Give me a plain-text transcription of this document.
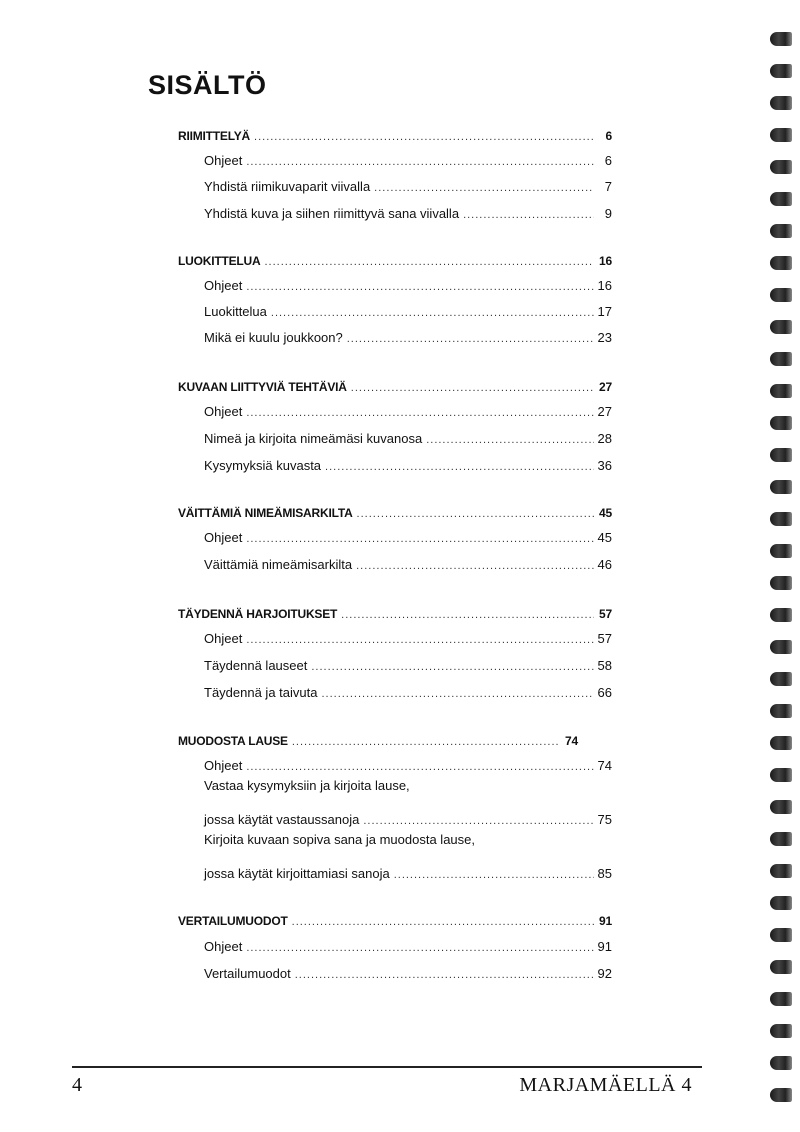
SISÄLTÖ
RIIMITTELYÄ .....	6
Ohjeet .....	6
Yhdistä riimikuvaparit viivalla .....	7
Yhdistä kuva ja siihen riimittyvä sana viivalla .....	9
LUOKITTELUA .....	16
Ohjeet .....	16
Luokittelua .....	17
Mikä ei kuulu joukkoon? .....	23
KUVAAN LIITTYVIÄ TEHTÄVIÄ .....	27
Ohjeet .....	27
Nimeä ja kirjoita nimeämäsi kuvanosa .....	28
Kysymyksiä kuvasta .....	36
VÄITTÄMIÄ NIMEÄMISARKILTA .....	45
Ohjeet .....	45
Väittämiä nimeämisarkilta .....	46
TÄYDENNÄ HARJOITUKSET .....	57
Ohjeet .....	57
Täydennä lauseet .....	58
Täydennä ja taivuta .....	66
MUODOSTA LAUSE .....	74
Ohjeet .....	74
Vastaa kysymyksiin ja kirjoita lause,
jossa käytät vastaussanoja .....	75
Kirjoita kuvaan sopiva sana ja muodosta lause,
jossa käytät kirjoittamiasi sanoja .....	85
VERTAILUMUODOT .....	91
Ohjeet .....	91
Vertailumuodot .....	92
4	MARJAMÄELLÄ 4
